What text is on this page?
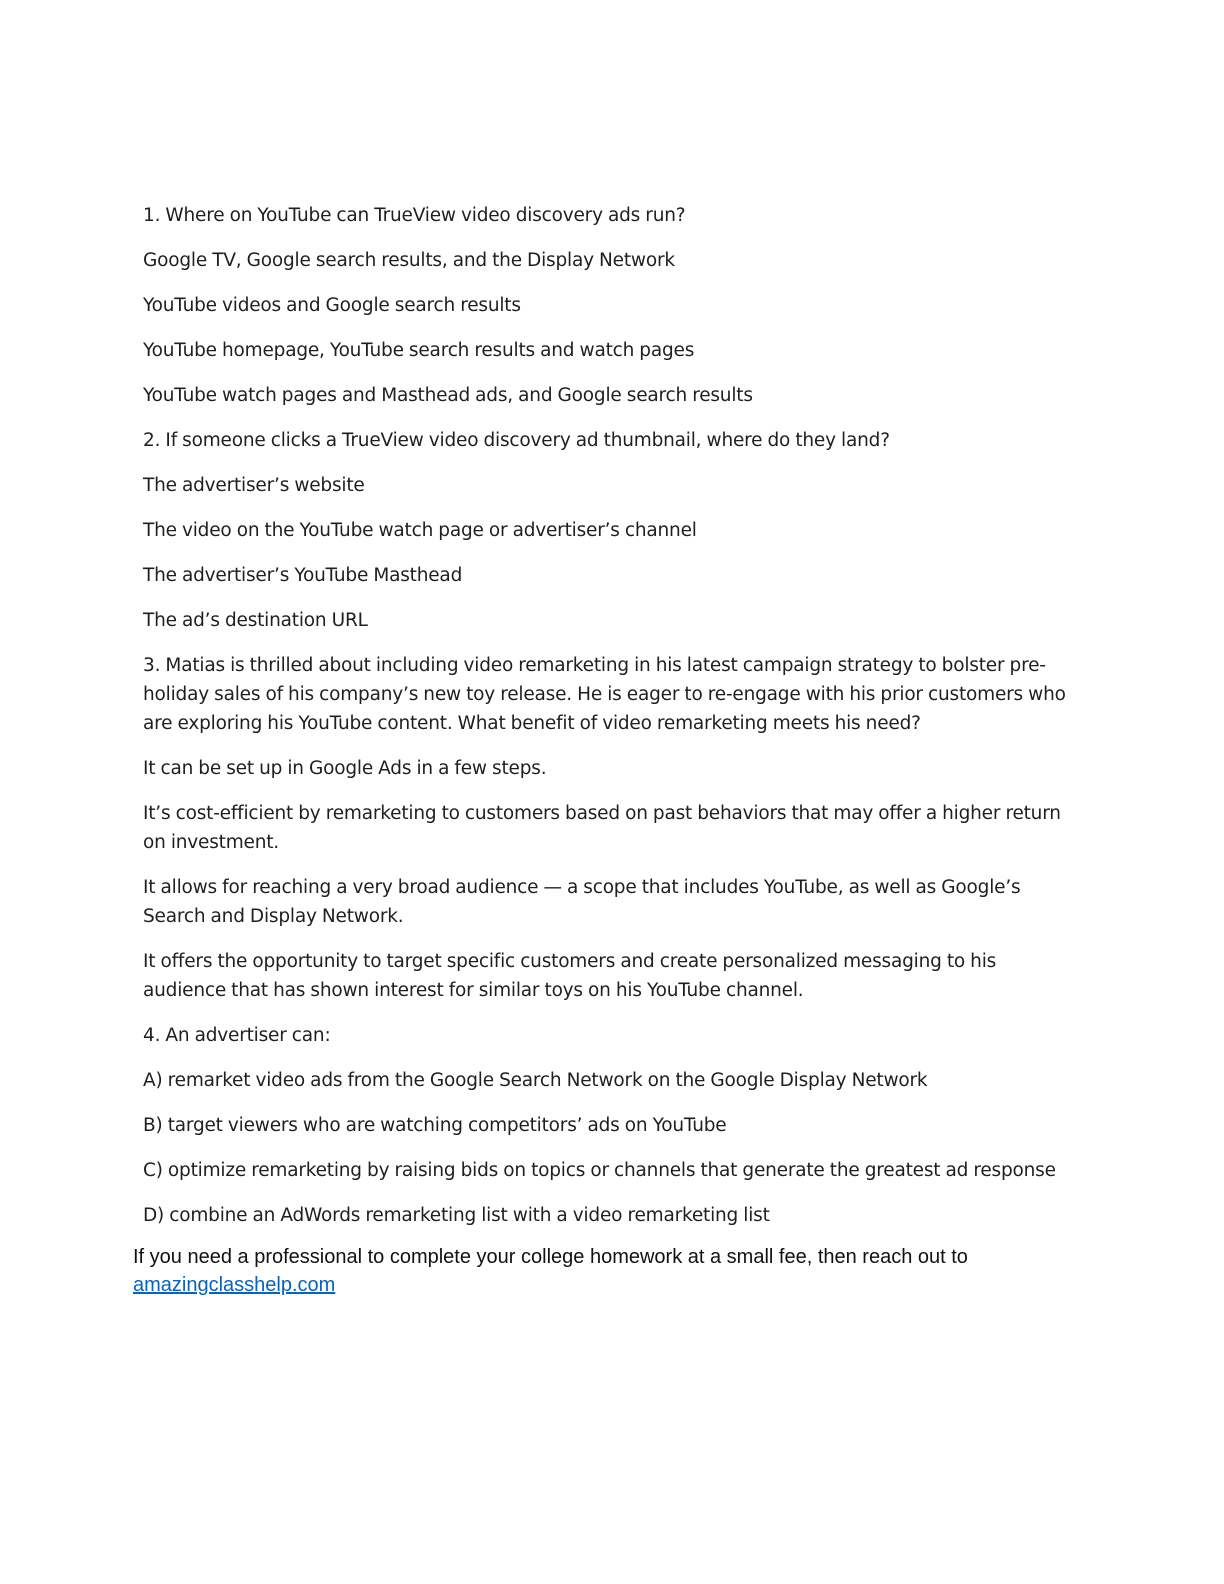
1. Where on YouTube can TrueView video discovery ads run?

Google TV, Google search results, and the Display Network

YouTube videos and Google search results

YouTube homepage, YouTube search results and watch pages

YouTube watch pages and Masthead ads, and Google search results

2. If someone clicks a TrueView video discovery ad thumbnail, where do they land?

The advertiser’s website

The video on the YouTube watch page or advertiser’s channel

The advertiser’s YouTube Masthead

The ad’s destination URL

3. Matias is thrilled about including video remarketing in his latest campaign strategy to bolster pre-holiday sales of his company’s new toy release. He is eager to re-engage with his prior customers who are exploring his YouTube content. What benefit of video remarketing meets his need?

It can be set up in Google Ads in a few steps.

It’s cost-efficient by remarketing to customers based on past behaviors that may offer a higher return on investment.

It allows for reaching a very broad audience — a scope that includes YouTube, as well as Google’s Search and Display Network.

It offers the opportunity to target specific customers and create personalized messaging to his audience that has shown interest for similar toys on his YouTube channel.

4. An advertiser can:

A) remarket video ads from the Google Search Network on the Google Display Network

B) target viewers who are watching competitors’ ads on YouTube

C) optimize remarketing by raising bids on topics or channels that generate the greatest ad response

D) combine an AdWords remarketing list with a video remarketing list

If you need a professional to complete your college homework at a small fee, then reach out to
amazingclasshelp.com
